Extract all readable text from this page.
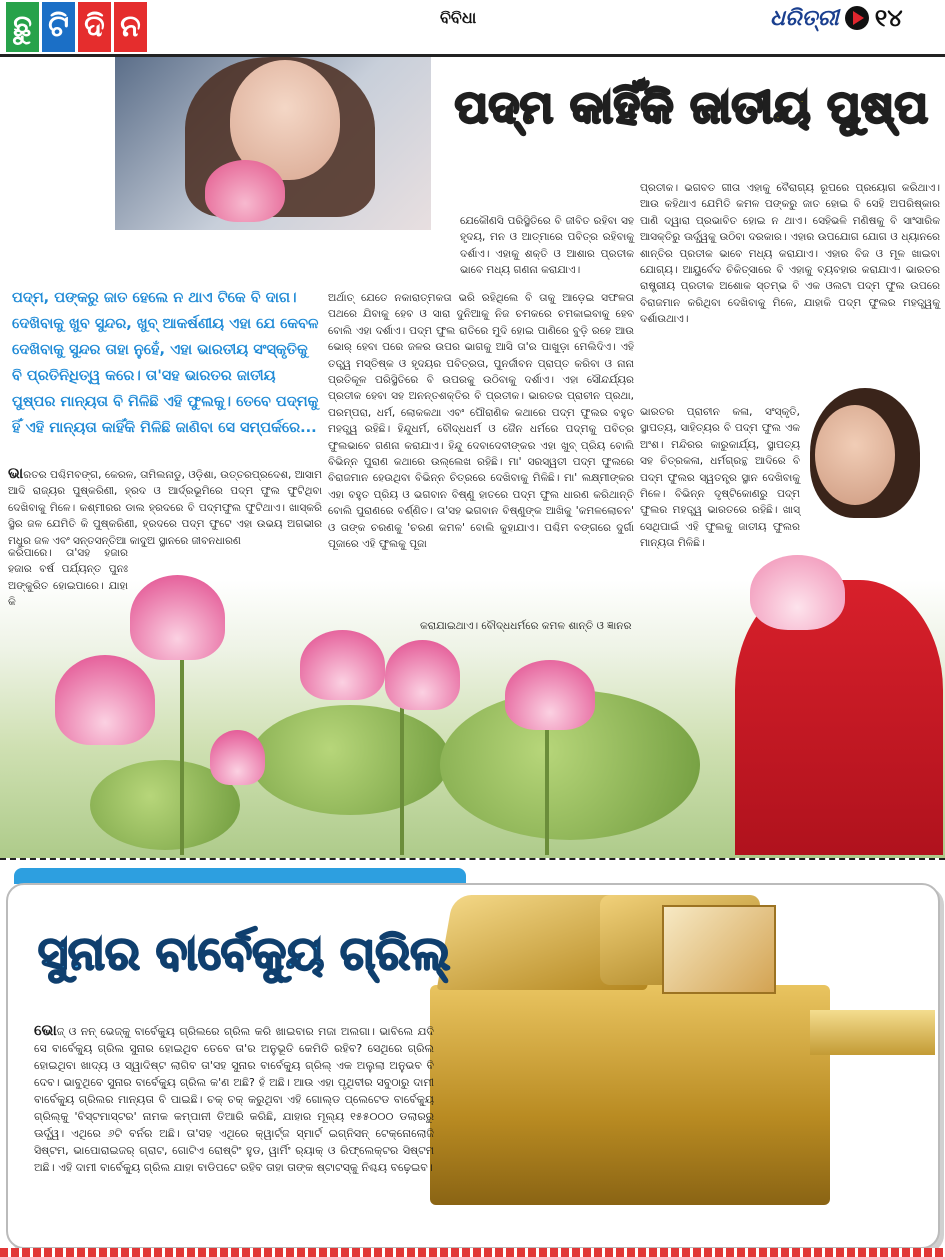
ଛୁ ଟି ଦି ନ	ବିବିଧା	ଧରିତ୍ରୀ ୧୪
ପଦ୍ମ କାହିଁକି ଜାତୀୟ ପୁଷ୍ପ
ପଦ୍ମ, ପଙ୍କରୁ ଜାତ ହେଲେ ନ ଥାଏ ଟିକେ ବି ଦାଗ। ଦେଖିବାକୁ ଖୁବ ସୁନ୍ଦର, ଖୁବ୍ ଆକର୍ଷଣୀୟ ଏହା ଯେ କେବଳ ଦେଖିବାକୁ ସୁନ୍ଦର ତାହା ନୁହେଁ, ଏହା ଭାରତୀୟ ସଂସ୍କୃତିକୁ ବି ପ୍ରତିନିଧିତ୍ୱ କରେ। ତା'ସହ ଭାରତର ଜାତୀୟ ପୁଷ୍ପର ମାନ୍ୟତା ବି ମିଳିଛି ଏହି ଫୁଲକୁ। ତେବେ ପଦ୍ମକୁ ହିଁ ଏହି ମାନ୍ୟତା କାହିଁକି ମିଳିଛି ଜାଣିବା ସେ ସମ୍ପର୍କରେ...
ଭାରତର ପଶ୍ଚିମବଙ୍ଗ, କେରଳ, ତାମିଲନାଡୁ, ଓଡ଼ିଶା, ଉତ୍ତରପ୍ରଦେଶ, ଆସାମ ଆଦି ରାଜ୍ୟର ପୁଷ୍କରିଣୀ, ହ୍ରଦ ଓ ଆର୍ଦ୍ରଭୂମିରେ ପଦ୍ମ ଫୁଲ ଫୁଟିଥିବା ଦେଖିବାକୁ ମିଳେ। କଶ୍ମୀରର ଡାଲ ହ୍ରଦରେ ବି ପଦ୍ମଫୁଲ ଫୁଟିଥାଏ। ଖାସ୍‌କରି ସ୍ଥିର ଜଳ ଯେମିତି କି ପୁଷ୍କରିଣୀ, ହ୍ରଦରେ ପଦ୍ମ ଫୁଟେ ଏହା ଉଭୟ ଅଗଭୀର ମଧୁର ଜଳ ଏବଂ ସନ୍ତସନ୍ତିଆ କାଦୁଅ ସ୍ଥାନରେ ଜୀବନଧାରଣ
କରିପାରେ। ତା'ସହ ହଜାର ହଜାର ବର୍ଷ ପର୍ଯ୍ୟନ୍ତ ପୁନଃ ଅଙ୍କୁରିତ ହୋଇପାରେ। ଯାହା କି
ଯେକୌଣସି ପରିସ୍ଥିତିରେ ବି ଜୀବିତ ରହିବା ସହ ହୃଦୟ, ମନ ଓ ଆତ୍ମାରେ ପବିତ୍ର ରହିବାକୁ ଦର୍ଶାଏ। ଏହାକୁ ଶକ୍ତି ଓ ଆଶାର ପ୍ରତୀକ ଭାବେ ମଧ୍ୟ ଗଣନା କରାଯାଏ।
ଅର୍ଥାତ୍ ଯେତେ ନକାରାତ୍ମକତା ଭରି ରହିଥିଲେ ବି ତାକୁ ଆଡ଼େଇ ସଫଳତା ପଥରେ ଯିବାକୁ ହେବ ଓ ସାରା ଦୁନିଆକୁ ନିଜ ଚମକରେ ଚମକାଇବାକୁ ହେବ ବୋଲି ଏହା ଦର୍ଶାଏ। ପଦ୍ମ ଫୁଲ ରାତିରେ ମୁଦି ହୋଇ ପାଣିରେ ବୁଡ଼ି ରହେ ଆଉ ଭୋର୍ ହେବା ପରେ ଜଳର ଉପର ଭାଗକୁ ଆସି ତା'ର ପାଖୁଡ଼ା ମେଲିଦିଏ। ଏହି ତତ୍ତ୍ୱ ମସ୍ତିଷ୍କ ଓ ହୃଦୟର ପବିତ୍ରତା, ପୁନର୍ଜୀବନ ପ୍ରାପ୍ତ କରିବା ଓ ନାନା ପ୍ରତିକୂଳ ପରିସ୍ଥିତିରେ ବି ଉପରକୁ ଉଠିବାକୁ ଦର୍ଶାଏ। ଏହା ସୌନ୍ଦର୍ଯ୍ୟର ପ୍ରତୀକ ହେବା ସହ ଅନନ୍ତଶକ୍ତିର ବି ପ୍ରତୀକ। ଭାରତର ପ୍ରାଚୀନ ପ୍ରଥା, ପରମ୍ପରା, ଧର୍ମ, ଲୋକକଥା ଏବଂ ପୌରାଣିକ କଥାରେ ପଦ୍ମ ଫୁଲର ବହୁତ ମହତ୍ତ୍ୱ ରହିଛି। ହିନ୍ଦୁଧର୍ମ, ବୌଦ୍ଧଧର୍ମ ଓ ଜୈନ ଧର୍ମରେ ପଦ୍ମକୁ ପବିତ୍ର ଫୁଲଭାବେ ଗଣନା କରାଯାଏ। ହିନ୍ଦୁ ଦେବାଦେବୀଙ୍କର ଏହା ଖୁବ୍ ପ୍ରିୟ ବୋଲି ବିଭିନ୍ନ ପୁରାଣ କଥାରେ ଉଲ୍ଲେଖ ରହିଛି। ମା' ସରସ୍ୱତୀ ପଦ୍ମ ଫୁଲରେ ବିରାଜମାନ ହେଉଥିବା ବିଭିନ୍ନ ଚିତ୍ରରେ ଦେଖିବାକୁ ମିଳିଛି। ମା' ଲକ୍ଷ୍ମୀଙ୍କର ଏହା ବହୁତ ପ୍ରିୟ ଓ ଭଗବାନ ବିଷ୍ଣୁ ହାତରେ ପଦ୍ମ ଫୁଲ ଧାରଣ କରିଥାନ୍ତି ବୋଲି ପୁରାଣରେ ବର୍ଣ୍ଣିତ। ତା'ସହ ଭଗବାନ ବିଷ୍ଣୁଙ୍କ ଆଖିକୁ 'କମଳଲୋଚନ' ଓ ତାଙ୍କ ଚରଣକୁ 'ଚରଣ କମଳ' ବୋଲି କୁହାଯାଏ। ପଶ୍ଚିମ ବଙ୍ଗରେ ଦୁର୍ଗା ପୂଜାରେ ଏହି ଫୁଲକୁ ପୂଜା
କରାଯାଇଥାଏ। ବୌଦ୍ଧଧର୍ମରେ କମଳ ଶାନ୍ତି ଓ ଜ୍ଞାନର
ପ୍ରତୀକ। ଭଗବତ ଗୀତା ଏହାକୁ ବୈରାଗ୍ୟ ରୂପରେ ପ୍ରୟୋଗ କରିଥାଏ। ଆଉ କହିଥାଏ ଯେମିତି କମଳ ପଙ୍କରୁ ଜାତ ହୋଇ ବି ସେହି ଅପରିଷ୍କାର ପାଣି ଦ୍ୱାରା ପ୍ରଭାବିତ ହୋଇ ନ ଥାଏ। ସେହିଭଳି ମଣିଷକୁ ବି ସାଂସାରିକ ଆସକ୍ତିରୁ ଊର୍ଦ୍ଧ୍ୱକୁ ଉଠିବା ଦରକାର। ଏହାର ଉପଯୋଗ ଯୋଗ ଓ ଧ୍ୟାନରେ ଶାନ୍ତିର ପ୍ରତୀକ ଭାବେ ମଧ୍ୟ କରାଯାଏ। ଏହାର ବିଜ ଓ ମୂଳ ଖାଇବା ଯୋଗ୍ୟ। ଆୟୁର୍ବେଦ ଚିକିତ୍ସାରେ ବି ଏହାକୁ ବ୍ୟବହାର କରାଯାଏ। ଭାରତର ରାଷ୍ଟ୍ରୀୟ ପ୍ରତୀକ ଅଶୋକ ସ୍ତମ୍ଭ ବି ଏକ ଓଲଟା ପଦ୍ମ ଫୁଲ ଉପରେ ବିରାଜମାନ କରିଥିବା ଦେଖିବାକୁ ମିଳେ, ଯାହାକି ପଦ୍ମ ଫୁଲର ମହତ୍ତ୍ୱକୁ ଦର୍ଶାଉଥାଏ।
ଭାରତର ପ୍ରାଚୀନ କଳା, ସଂସ୍କୃତି, ସ୍ଥାପତ୍ୟ, ସାହିତ୍ୟର ବି ପଦ୍ମ ଫୁଲ ଏକ ଅଂଶ। ମନ୍ଦିରର କାରୁକାର୍ଯ୍ୟ, ସ୍ଥାପତ୍ୟ ସହ ଚିତ୍ରକଳା, ଧର୍ମଗ୍ରନ୍ଥ ଆଦିରେ ବି ପଦ୍ମ ଫୁଲର ସ୍ୱତନ୍ତ୍ର ସ୍ଥାନ ଦେଖିବାକୁ ମିଳେ। ବିଭିନ୍ନ ଦୃଷ୍ଟିକୋଣରୁ ପଦ୍ମ ଫୁଲର ମହତ୍ତ୍ୱ ଭାରତରେ ରହିଛି। ଖାସ୍ ସେଥିପାଇଁ ଏହି ଫୁଲକୁ ଜାତୀୟ ଫୁଲର ମାନ୍ୟତା ମିଳିଛି।
ସୁନାର ବାର୍ବେକ୍ୟୁ ଗ୍ରିଲ୍
ଭୋଜ୍ ଓ ନନ୍ ଭେଜ୍‌କୁ ବାର୍ବେକ୍ୟୁ ଗ୍ରିଲରେ ଗ୍ରିଲ କରି ଖାଇବାର ମଜା ଅଲଗା। ଭାବିଲେ ଯଦି ସେ ବାର୍ବେକ୍ୟୁ ଗ୍ରିଲ ସୁନାର ହୋଇଥିବ ତେବେ ତା'ର ଅନୁଭୂତି କେମିତି ରହିବ? ସେଥିରେ ଗ୍ରିଲ ହୋଇଥିବା ଖାଦ୍ୟ ଓ ସ୍ୱାଦିଷ୍ଟ ଲାଗିବ ତା'ସହ ସୁନାର ବାର୍ବେକ୍ୟୁ ଗ୍ରିଲ୍ ଏକ ଅଲୁଲା ଅନୁଭବ ବି ଦେବ। ଭାବୁଥିବେ ସୁନାର ବାର୍ବେକ୍ୟୁ ଗ୍ରିଲ କ'ଣ ଅଛି? ହଁ ଅଛି। ଆଉ ଏହା ପୃଥିବୀର ସବୁଠାରୁ ଦାମୀ ବାର୍ବେକ୍ୟୁ ଗ୍ରିଲର ମାନ୍ୟତା ବି ପାଇଛି। ଚକ୍ ଚକ୍ କରୁଥିବା ଏହି ଗୋଲ୍ଡ ପ୍ଲେଟେଡ ବାର୍ବେକ୍ୟୁ ଗ୍ରିଲ୍‌କୁ 'ବିସ୍ଟମାସ୍ଟର' ନାମକ କମ୍ପାନୀ ତିଆରି କରିଛି, ଯାହାର ମୂଲ୍ୟ ୧୫୫୦୦୦ ଡଲାରରୁ ଊର୍ଦ୍ଧ୍ୱ। ଏଥିରେ ୬ଟି ବର୍ନର ଅଛି। ତା'ସହ ଏଥିରେ କ୍ୱାର୍ଟ୍ଜ ସ୍ମାର୍ଟ ଇଗ୍ନିସନ୍ ଟେକ୍ନୋଲୋଜି ସିଷ୍ଟମ, ଭାପୋରାଇଜର୍ ଗ୍ରାଟ, ଗୋଟିଏ ରୋଷ୍ଟିଂ ହୁଡ, ୱାର୍ମିଂ ର୍‍ୟାକ୍ ଓ ରିଫ୍ଲେକ୍ଟର ସିଷ୍ଟମ ଅଛି। ଏହି ଦାମୀ ବାର୍ବେକ୍ୟୁ ଗ୍ରିଲ ଯାହା ବାଡିପଟେ ରହିବ ତାହା ତାଙ୍କ ଷ୍ଟାଟସ୍‌କୁ ନିଶ୍ଚୟ ବଢ଼େଇବ।
